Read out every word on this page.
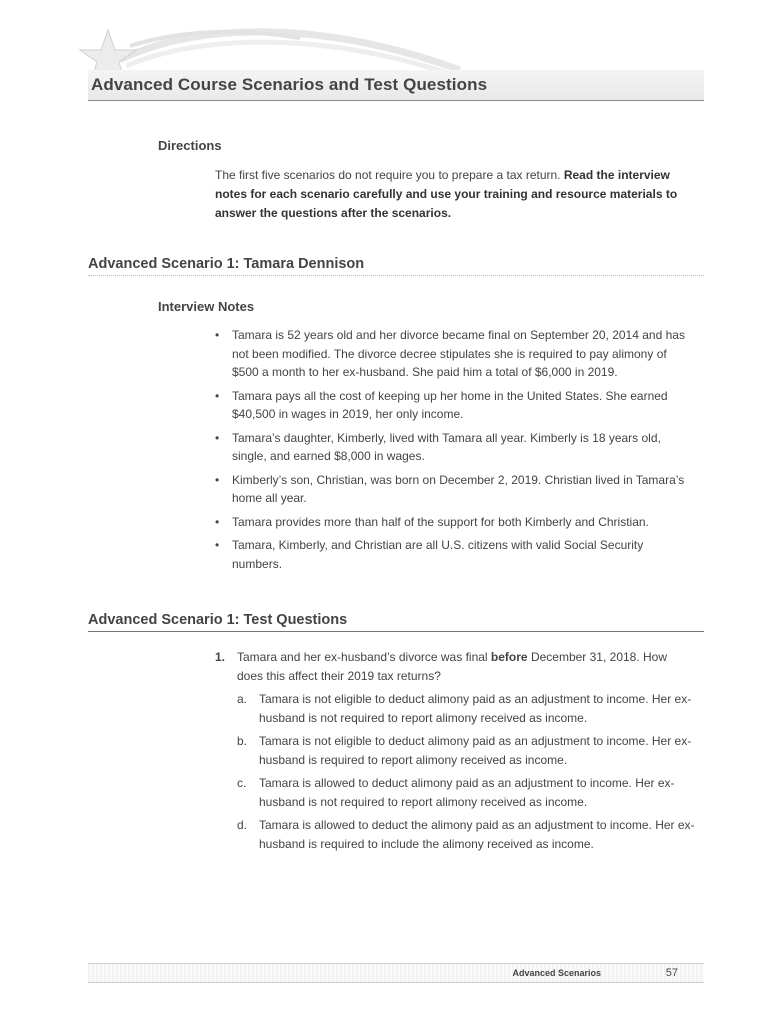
Advanced Course Scenarios and Test Questions
Directions
The first five scenarios do not require you to prepare a tax return. Read the interview notes for each scenario carefully and use your training and resource materials to answer the questions after the scenarios.
Advanced Scenario 1: Tamara Dennison
Interview Notes
• Tamara is 52 years old and her divorce became final on September 20, 2014 and has not been modified. The divorce decree stipulates she is required to pay alimony of $500 a month to her ex-husband. She paid him a total of $6,000 in 2019.
• Tamara pays all the cost of keeping up her home in the United States. She earned $40,500 in wages in 2019, her only income.
• Tamara’s daughter, Kimberly, lived with Tamara all year. Kimberly is 18 years old, single, and earned $8,000 in wages.
• Kimberly’s son, Christian, was born on December 2, 2019. Christian lived in Tamara’s home all year.
• Tamara provides more than half of the support for both Kimberly and Christian.
• Tamara, Kimberly, and Christian are all U.S. citizens with valid Social Security numbers.
Advanced Scenario 1: Test Questions
1. Tamara and her ex-husband’s divorce was final before December 31, 2018. How does this affect their 2019 tax returns?
a. Tamara is not eligible to deduct alimony paid as an adjustment to income. Her ex-husband is not required to report alimony received as income.
b. Tamara is not eligible to deduct alimony paid as an adjustment to income. Her ex-husband is required to report alimony received as income.
c. Tamara is allowed to deduct alimony paid as an adjustment to income. Her ex-husband is not required to report alimony received as income.
d. Tamara is allowed to deduct the alimony paid as an adjustment to income. Her ex-husband is required to include the alimony received as income.
Advanced Scenarios	57
